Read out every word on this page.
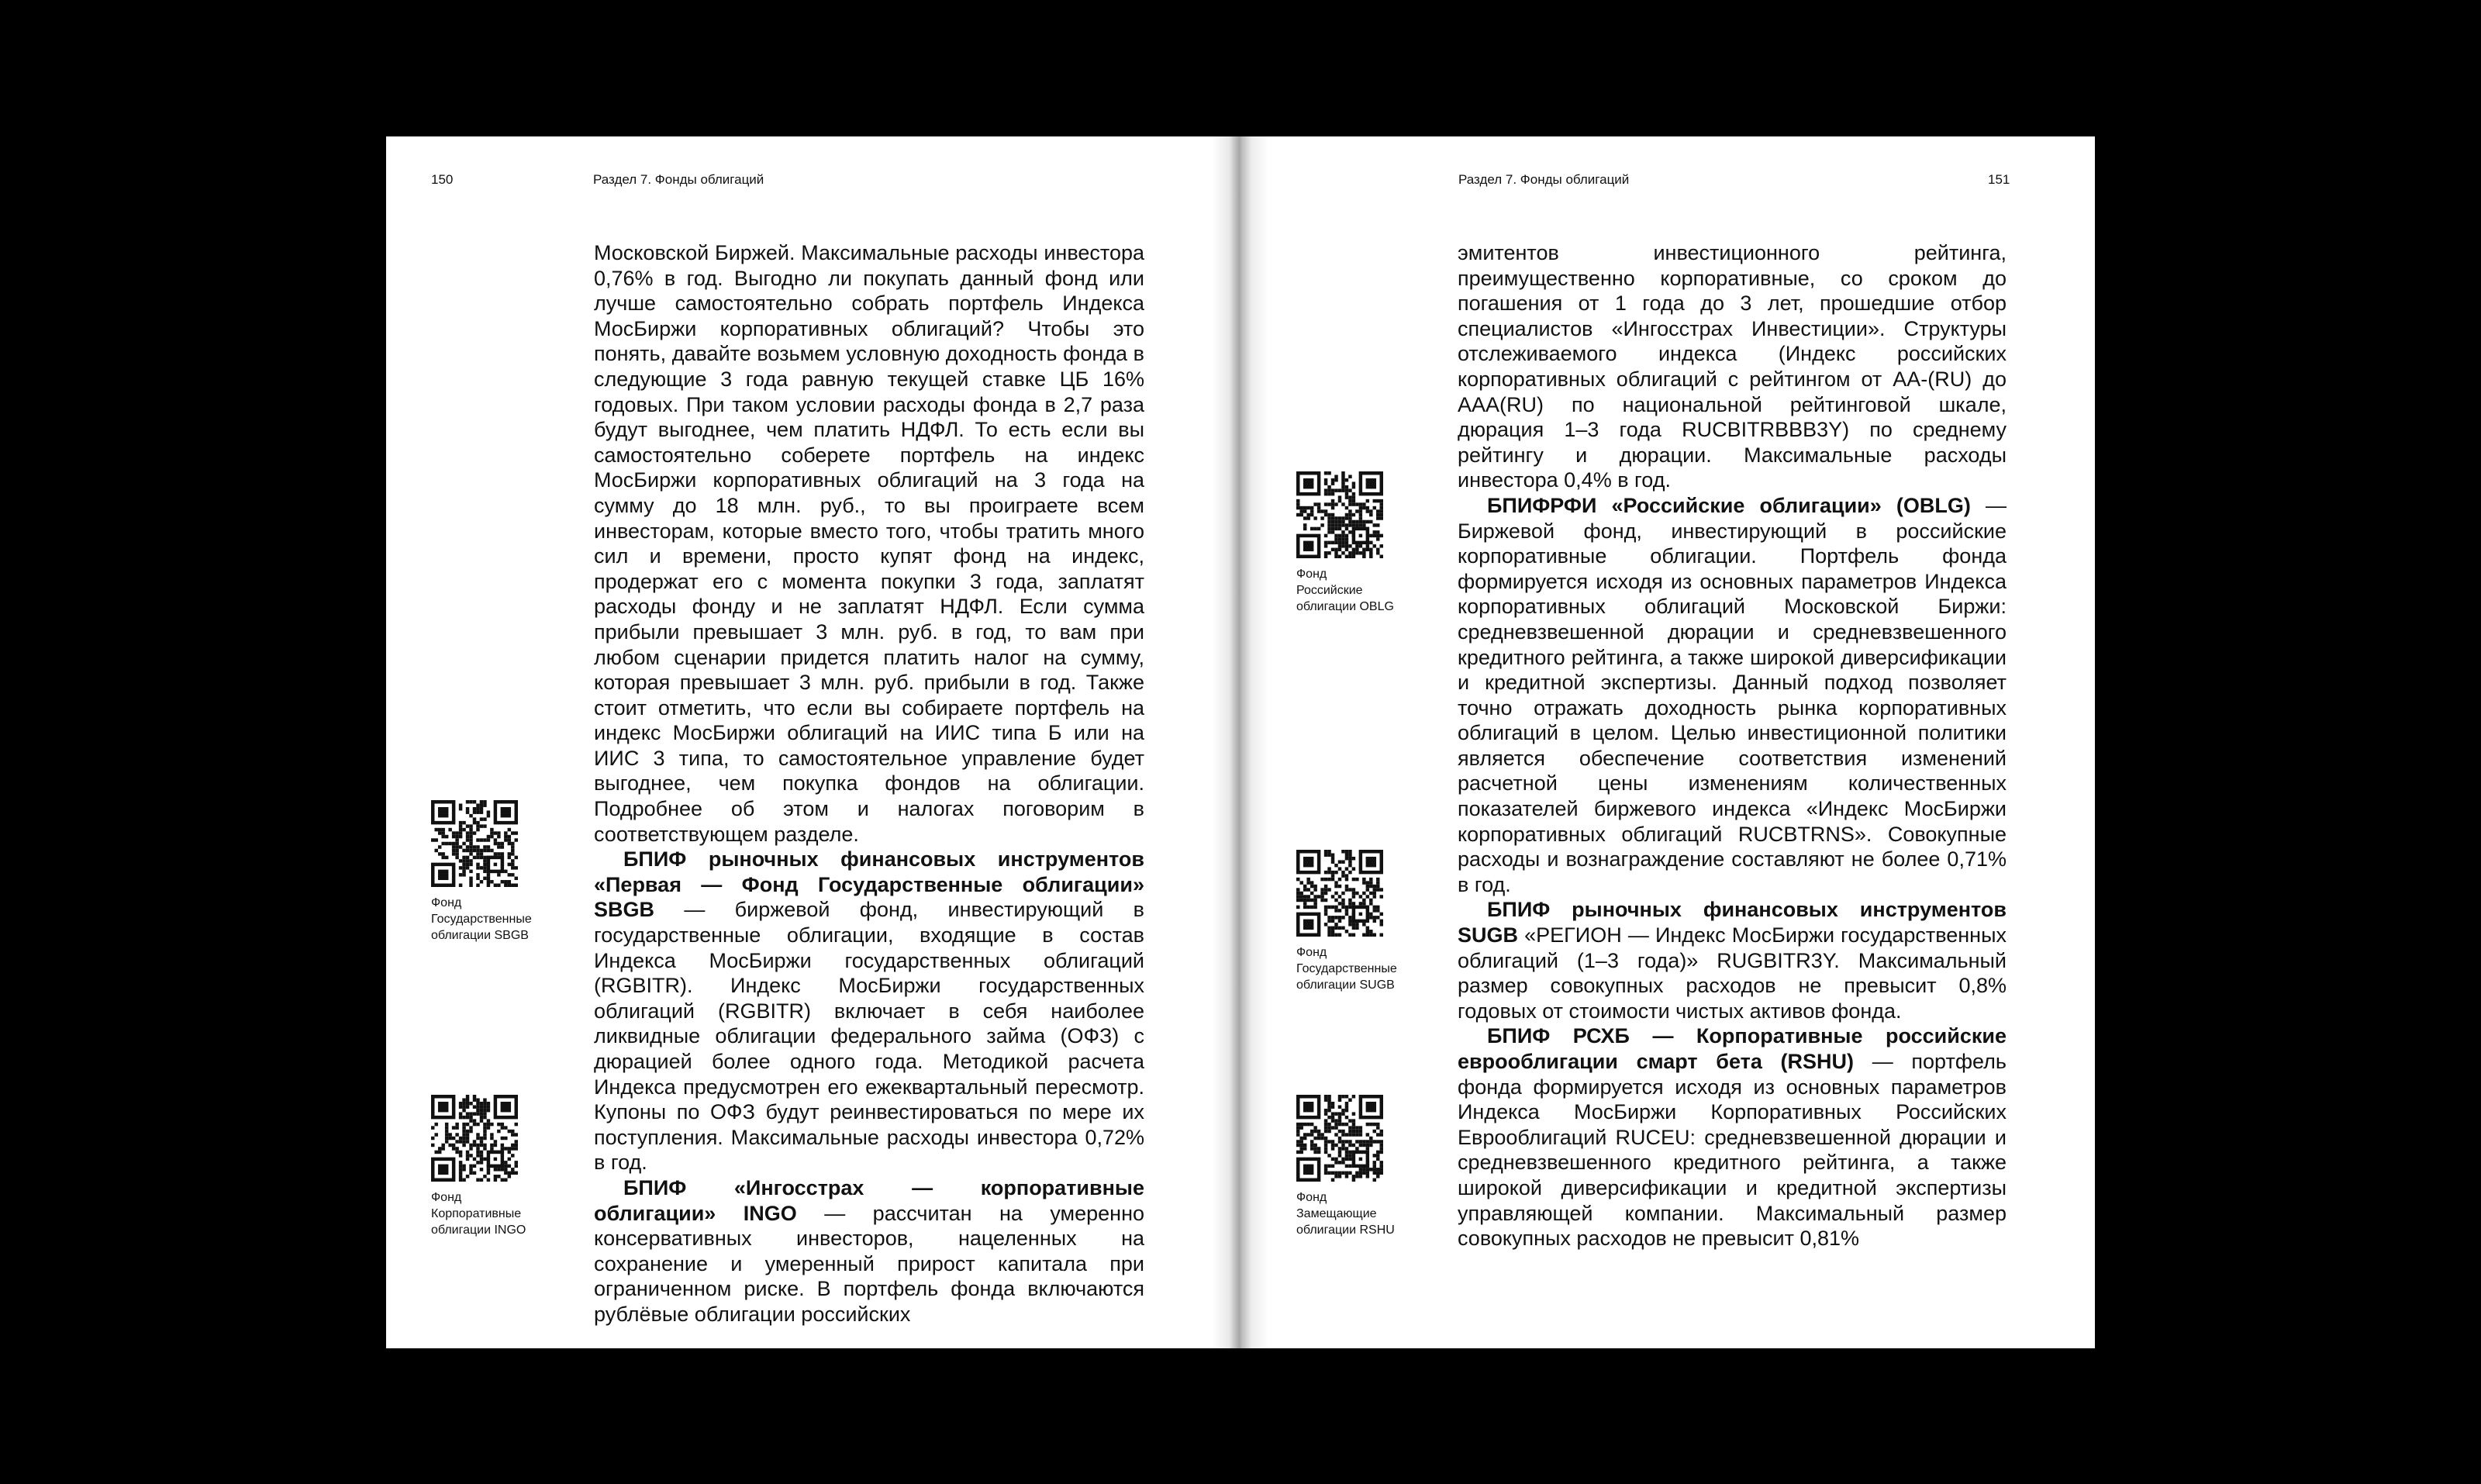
150	Раздел 7. Фонды облигаций

Московской Биржей. Максимальные расходы инвестора 0,76% в год. Выгодно ли покупать данный фонд или лучше самостоятельно собрать портфель Индекса МосБиржи корпоративных облигаций? Чтобы это понять, давайте возьмем условную доходность фонда в следующие 3 года равную текущей ставке ЦБ 16% годовых. При таком условии расходы фонда в 2,7 раза будут выгоднее, чем платить НДФЛ. То есть если вы самостоятельно соберете портфель на индекс МосБиржи корпоративных облигаций на 3 года на сумму до 18 млн. руб., то вы проиграете всем инвесторам, которые вместо того, чтобы тратить много сил и времени, просто купят фонд на индекс, продержат его с момента покупки 3 года, заплатят расходы фонду и не заплатят НДФЛ. Если сумма прибыли превышает 3 млн. руб. в год, то вам при любом сценарии придется платить налог на сумму, которая превышает 3 млн. руб. прибыли в год. Также стоит отметить, что если вы собираете портфель на индекс МосБиржи облигаций на ИИС типа Б или на ИИС 3 типа, то самостоятельное управление будет выгоднее, чем покупка фондов на облигации. Подробнее об этом и налогах поговорим в соответствующем разделе.

БПИФ рыночных финансовых инструментов «Первая — Фонд Государственные облигации» SBGB — биржевой фонд, инвестирующий в государственные облигации, входящие в состав Индекса МосБиржи государственных облигаций (RGBITR). Индекс МосБиржи государственных облигаций (RGBITR) включает в себя наиболее ликвидные облигации федерального займа (ОФЗ) с дюрацией более одного года. Методикой расчета Индекса предусмотрен его ежеквартальный пересмотр. Купоны по ОФЗ будут реинвестироваться по мере их поступления. Максимальные расходы инвестора 0,72% в год.

БПИФ «Ингосстрах — корпоративные облигации» INGO — рассчитан на умеренно консервативных инвесторов, нацеленных на сохранение и умеренный прирост капитала при ограниченном риске. В портфель фонда включаются рублёвые облигации российских

Фонд
Государственные
облигации SBGB
Фонд
Корпоративные
облигации INGO
Раздел 7. Фонды облигаций	151

эмитентов инвестиционного рейтинга, преимущественно корпоративные, со сроком до погашения от 1 года до 3 лет, прошедшие отбор специалистов «Ингосстрах Инвестиции». Структуры отслеживаемого индекса (Индекс российских корпоративных облигаций с рейтингом от АА-(RU) до ААА(RU) по национальной рейтинговой шкале, дюрация 1–3 года RUCBITRBBB3Y) по среднему рейтингу и дюрации. Максимальные расходы инвестора 0,4% в год.

БПИФРФИ «Российские облигации» (OBLG) — Биржевой фонд, инвестирующий в российские корпоративные облигации. Портфель фонда формируется исходя из основных параметров Индекса корпоративных облигаций Московской Биржи: средневзвешенной дюрации и средневзвешенного кредитного рейтинга, а также широкой диверсификации и кредитной экспертизы. Данный подход позволяет точно отражать доходность рынка корпоративных облигаций в целом. Целью инвестиционной политики является обеспечение соответствия изменений расчетной цены изменениям количественных показателей биржевого индекса «Индекс МосБиржи корпоративных облигаций RUCBTRNS». Совокупные расходы и вознаграждение составляют не более 0,71% в год.

БПИФ рыночных финансовых инструментов SUGB «РЕГИОН — Индекс МосБиржи государственных облигаций (1–3 года)» RUGBITR3Y. Максимальный размер совокупных расходов не превысит 0,8% годовых от стоимости чистых активов фонда.

БПИФ РСХБ — Корпоративные российские еврооблигации смарт бета (RSHU) — портфель фонда формируется исходя из основных параметров Индекса МосБиржи Корпоративных Российских Еврооблигаций RUCEU: средневзвешенной дюрации и средневзвешенного кредитного рейтинга, а также широкой диверсификации и кредитной экспертизы управляющей компании. Максимальный размер совокупных расходов не превысит 0,81%

Фонд
Российские
облигации OBLG
Фонд
Государственные
облигации SUGB
Фонд
Замещающие
облигации RSHU
